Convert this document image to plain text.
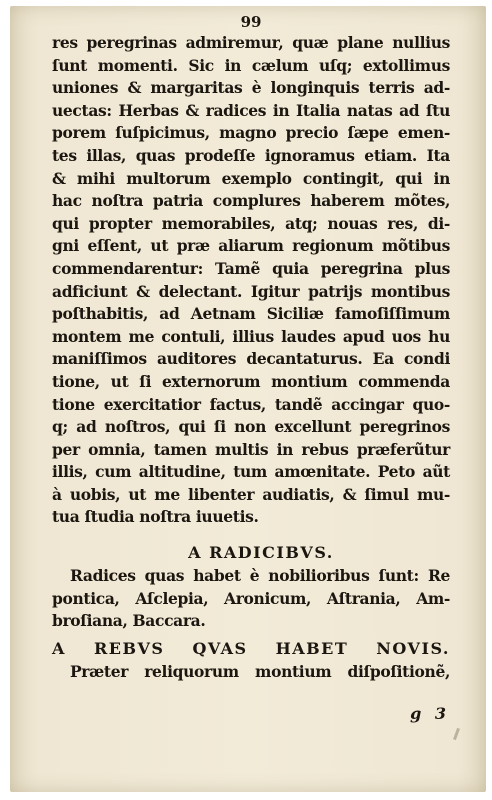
99
res peregrinas admiremur, quæ plane nullius
ſunt momenti. Sic in cælum uſq; extollimus
uniones & margaritas è longinquis terris ad-
uectas: Herbas & radices in Italia natas ad ſtu
porem ſuſpicimus, magno precio ſæpe emen-
tes illas, quas prodeſſe ignoramus etiam. Ita
& mihi multorum exemplo contingit, qui in
hac noſtra patria complures haberem mõtes,
qui propter memorabiles, atq; nouas res, di-
gni eſſent, ut præ aliarum regionum mõtibus
commendarentur: Tamẽ quia peregrina plus
adficiunt & delectant. Igitur patrijs montibus
poſthabitis, ad Aetnam Siciliæ famoſiſſimum
montem me contuli, illius laudes apud uos hu
maniſſimos auditores decantaturus. Ea condi
tione, ut ſi externorum montium commenda
tione exercitatior factus, tandẽ accingar quo-
q; ad noſtros, qui ſi non excellunt peregrinos
per omnia, tamen multis in rebus præferũtur
illis, cum altitudine, tum amœnitate. Peto aũt
à uobis, ut me libenter audiatis, & ſimul mu-
tua ſtudia noſtra iuuetis.
A RADICIBVS.
Radices quas habet è nobilioribus ſunt: Re
pontica, Aſclepia, Aronicum, Aſtrania, Am-
broſiana, Baccara.
A REBVS QVAS HABET NOVIS.
Præter reliquorum montium diſpoſitionẽ,
g 3
